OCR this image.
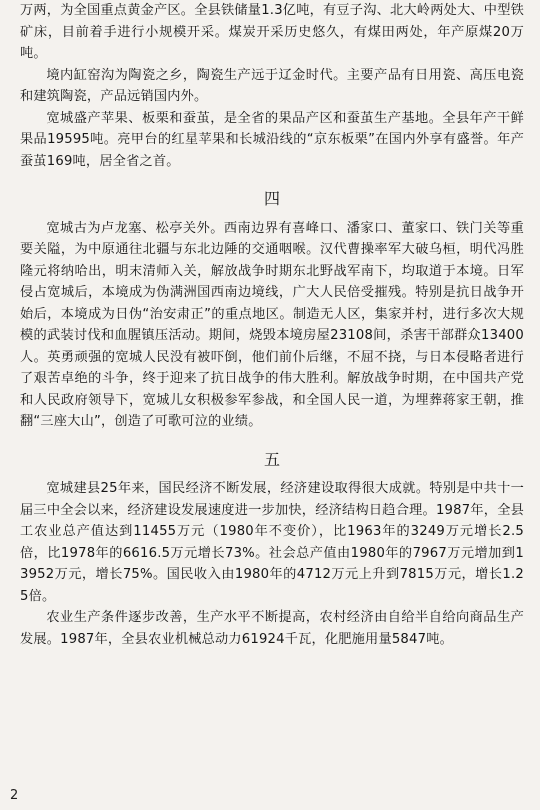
万两，为全国重点黄金产区。全县铁储量1.3亿吨，有豆子沟、北大岭两处大、中型铁矿床，目前着手进行小规模开采。煤炭开采历史悠久，有煤田两处，年产原煤20万吨。

境内缸窑沟为陶瓷之乡，陶瓷生产远于辽金时代。主要产品有日用瓷、高压电瓷和建筑陶瓷，产品远销国内外。

宽城盛产苹果、板栗和蚕茧，是全省的果品产区和蚕茧生产基地。全县年产干鲜果品19595吨。亮甲台的红星苹果和长城沿线的“京东板栗”在国内外享有盛誉。年产蚕茧169吨，居全省之首。

四

宽城古为卢龙塞、松亭关外。西南边界有喜峰口、潘家口、董家口、铁门关等重要关隘，为中原通往北疆与东北边陲的交通咽喉。汉代曹操率军大破乌桓，明代冯胜隆元将纳哈出，明末清师入关，解放战争时期东北野战军南下，均取道于本境。日军侵占宽城后，本境成为伪满洲国西南边境线，广大人民倍受摧残。特别是抗日战争开始后，本境成为日伪“治安肃正”的重点地区。制造无人区，集家并村，进行多次大规模的武装讨伐和血腥镇压活动。期间，烧毁本境房屋23108间，杀害干部群众13400人。英勇顽强的宽城人民没有被吓倒，他们前仆后继，不屈不挠，与日本侵略者进行了艰苦卓绝的斗争，终于迎来了抗日战争的伟大胜利。解放战争时期，在中国共产党和人民政府领导下，宽城儿女积极参军参战，和全国人民一道，为埋葬蒋家王朝，推翻“三座大山”，创造了可歌可泣的业绩。

五

宽城建县25年来，国民经济不断发展，经济建设取得很大成就。特别是中共十一届三中全会以来，经济建设发展速度进一步加快，经济结构日趋合理。1987年，全县工农业总产值达到11455万元（1980年不变价），比1963年的3249万元增长2.5倍，比1978年的6616.5万元增长73%。社会总产值由1980年的7967万元增加到13952万元，增长75%。国民收入由1980年的4712万元上升到7815万元，增长1.25倍。

农业生产条件逐步改善，生产水平不断提高，农村经济由自给半自给向商品生产发展。1987年，全县农业机械总动力61924千瓦，化肥施用量5847吨。

2
